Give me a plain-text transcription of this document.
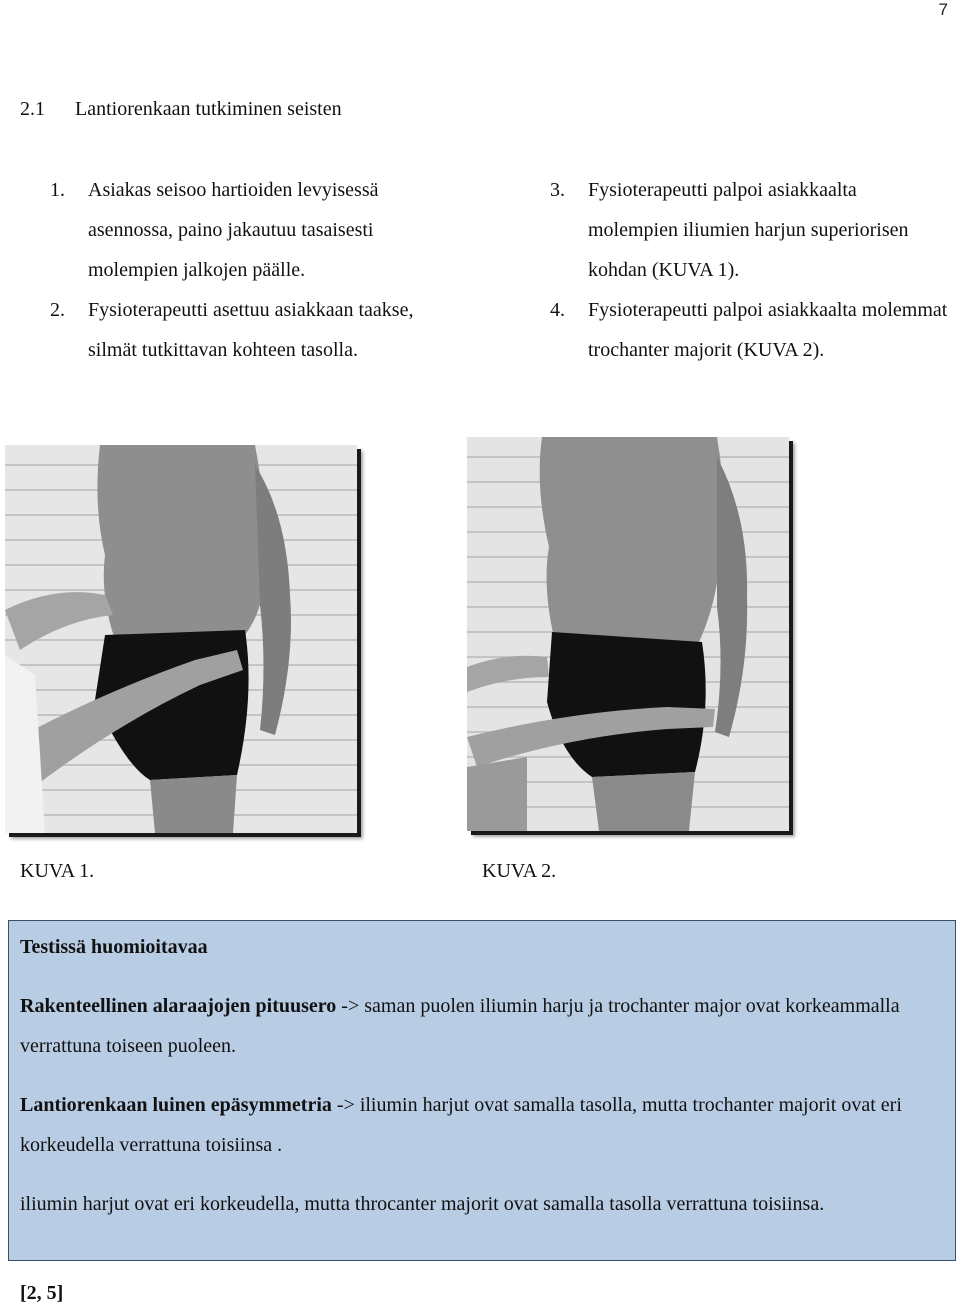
7
2.1 Lantiorenkaan tutkiminen seisten
1. Asiakas seisoo hartioiden levyisessä asennossa, paino jakautuu tasaisesti molempien jalkojen päälle.
2. Fysioterapeutti asettuu asiakkaan taakse, silmät tutkittavan kohteen tasolla.
3. Fysioterapeutti palpoi asiakkaalta molempien iliumien harjun superiorisen kohdan (KUVA 1).
4. Fysioterapeutti palpoi asiakkaalta molemmat trochanter majorit (KUVA 2).
KUVA 1.	KUVA 2.

Testissä huomioitavaa

Rakenteellinen alaraajojen pituusero -> saman puolen iliumin harju ja trochanter major ovat korkeammalla verrattuna toiseen puoleen.

Lantiorenkaan luinen epäsymmetria -> iliumin harjut ovat samalla tasolla, mutta trochanter majorit ovat eri korkeudella verrattuna toisiinsa .

iliumin harjut ovat eri korkeudella, mutta throcanter majorit ovat samalla tasolla verrattuna toisiinsa.

[2, 5]
